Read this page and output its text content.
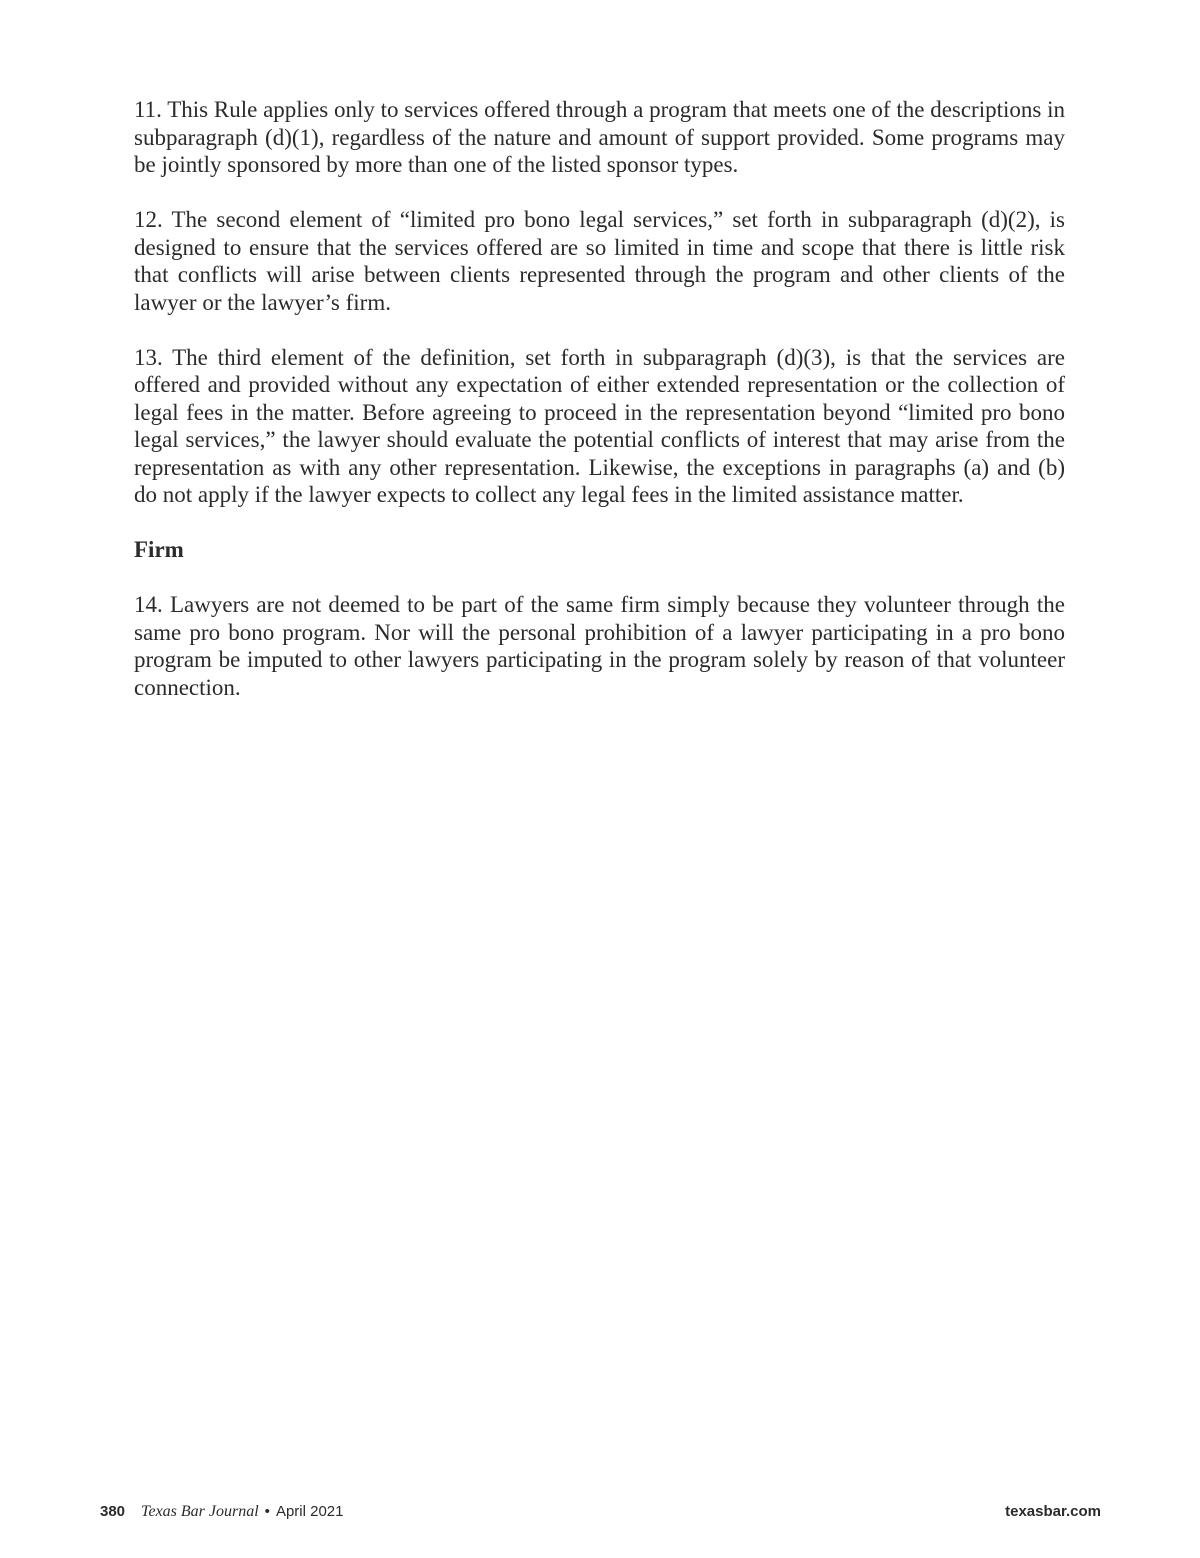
11. This Rule applies only to services offered through a program that meets one of the descriptions in subparagraph (d)(1), regardless of the nature and amount of support provided. Some programs may be jointly sponsored by more than one of the listed sponsor types.

12. The second element of “limited pro bono legal services,” set forth in subparagraph (d)(2), is designed to ensure that the services offered are so limited in time and scope that there is little risk that conflicts will arise between clients represented through the program and other clients of the lawyer or the lawyer’s firm.

13. The third element of the definition, set forth in subparagraph (d)(3), is that the services are offered and provided without any expectation of either extended representation or the collection of legal fees in the matter. Before agreeing to proceed in the representation beyond “limited pro bono legal services,” the lawyer should evaluate the potential conflicts of interest that may arise from the representation as with any other representation. Likewise, the exceptions in paragraphs (a) and (b) do not apply if the lawyer expects to collect any legal fees in the limited assistance matter.

Firm

14. Lawyers are not deemed to be part of the same firm simply because they volunteer through the same pro bono program. Nor will the personal prohibition of a lawyer participating in a pro bono program be imputed to other lawyers participating in the program solely by reason of that volunteer connection.

380 Texas Bar Journal • April 2021	texasbar.com
